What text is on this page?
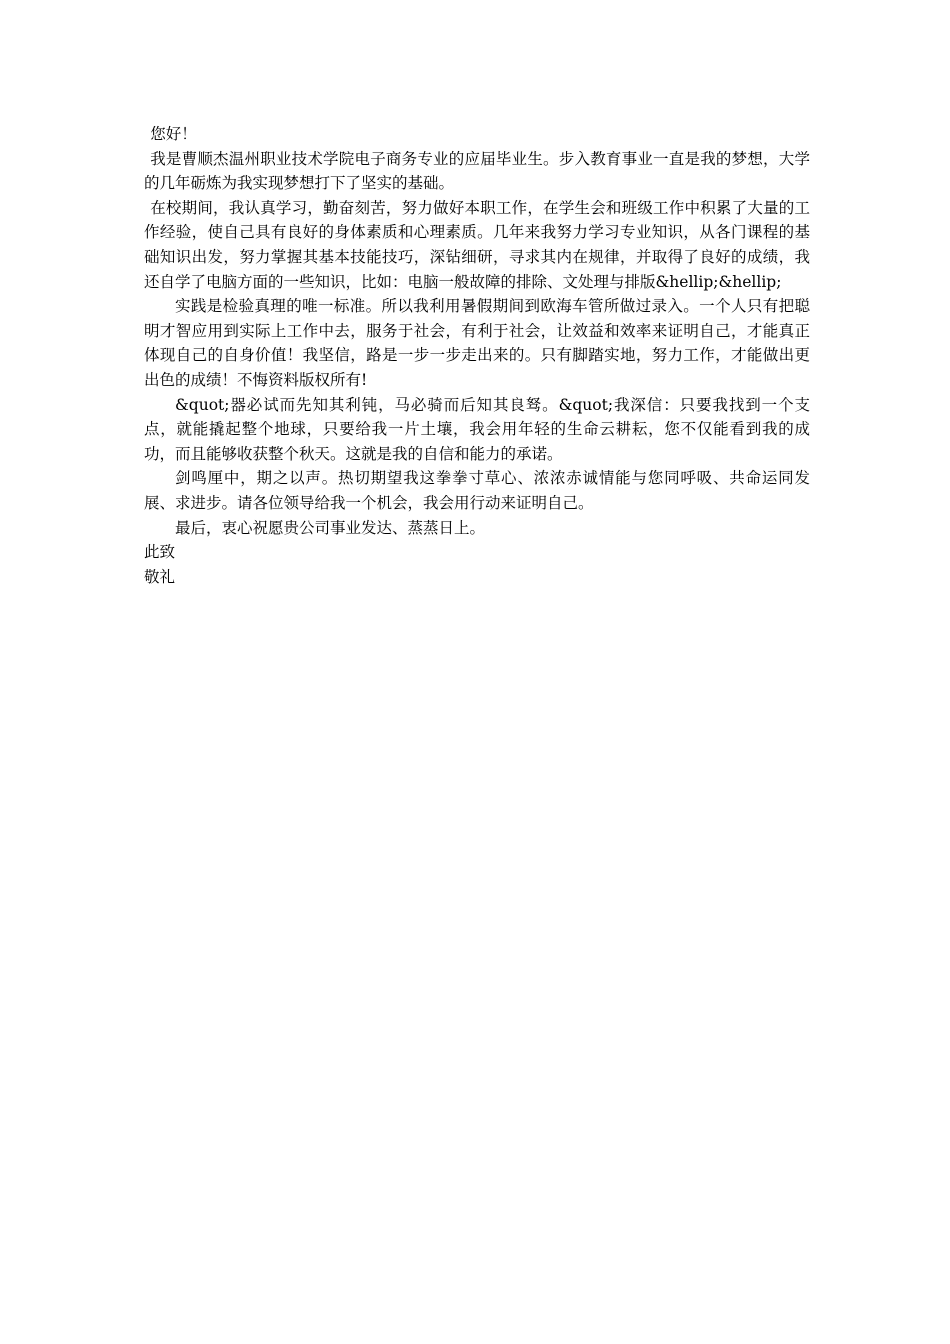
您好！

我是曹顺杰温州职业技术学院电子商务专业的应届毕业生。步入教育事业一直是我的梦想，大学的几年砺炼为我实现梦想打下了坚实的基础。

在校期间，我认真学习，勤奋刻苦，努力做好本职工作，在学生会和班级工作中积累了大量的工作经验，使自己具有良好的身体素质和心理素质。几年来我努力学习专业知识，从各门课程的基础知识出发，努力掌握其基本技能技巧，深钻细研，寻求其内在规律，并取得了良好的成绩，我还自学了电脑方面的一些知识，比如：电脑一般故障的排除、文处理与排版&hellip;&hellip;

实践是检验真理的唯一标准。所以我利用暑假期间到欧海车管所做过录入。一个人只有把聪明才智应用到实际上工作中去，服务于社会，有利于社会，让效益和效率来证明自己，才能真正体现自己的自身价值！我坚信，路是一步一步走出来的。只有脚踏实地，努力工作，才能做出更出色的成绩！不悔资料版权所有!

&quot;器必试而先知其利钝，马必骑而后知其良驽。&quot;我深信：只要我找到一个支点，就能撬起整个地球，只要给我一片土壤，我会用年轻的生命云耕耘，您不仅能看到我的成功，而且能够收获整个秋天。这就是我的自信和能力的承诺。

剑鸣厘中，期之以声。热切期望我这拳拳寸草心、浓浓赤诚情能与您同呼吸、共命运同发展、求进步。请各位领导给我一个机会，我会用行动来证明自己。

最后，衷心祝愿贵公司事业发达、蒸蒸日上。

此致

敬礼
